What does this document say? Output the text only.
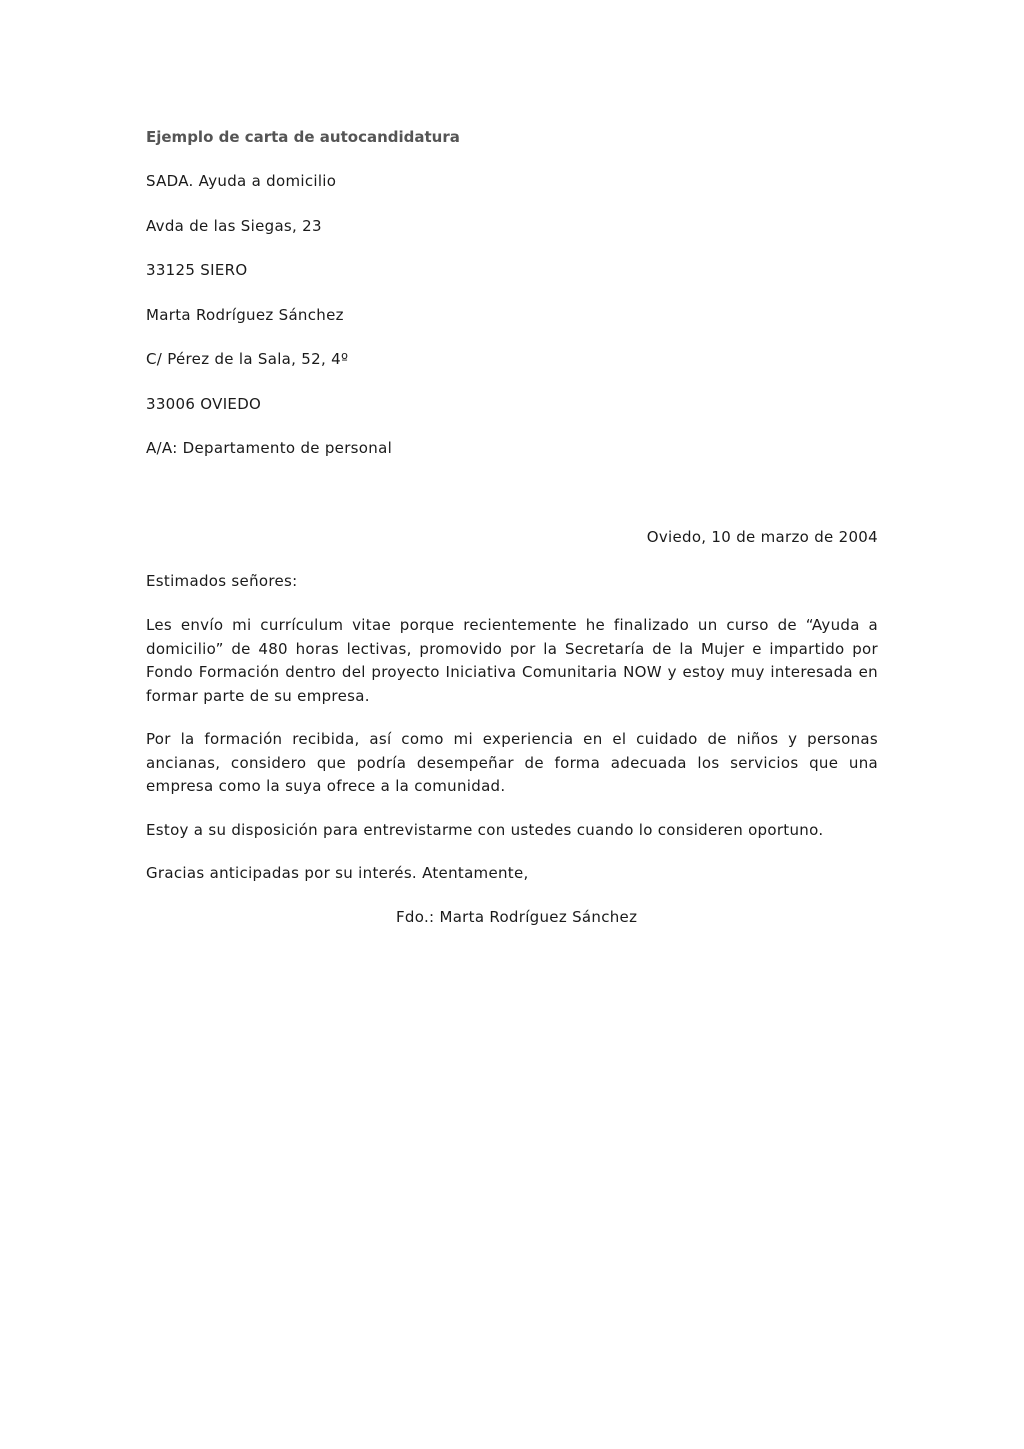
Ejemplo de carta de autocandidatura
SADA. Ayuda a domicilio
Avda de las Siegas, 23
33125 SIERO
Marta Rodríguez Sánchez
C/ Pérez de la Sala, 52, 4º
33006 OVIEDO
A/A: Departamento de personal
Oviedo, 10 de marzo de 2004
Estimados señores:

Les envío mi currículum vitae porque recientemente he finalizado un curso de “Ayuda a domicilio” de 480 horas lectivas, promovido por la Secretaría de la Mujer e impartido por Fondo Formación dentro del proyecto Iniciativa Comunitaria NOW y estoy muy interesada en formar parte de su empresa.

Por la formación recibida, así como mi experiencia en el cuidado de niños y personas ancianas, considero que podría desempeñar de forma adecuada los servicios que una empresa como la suya ofrece a la comunidad.

Estoy a su disposición para entrevistarme con ustedes cuando lo consideren oportuno.

Gracias anticipadas por su interés. Atentamente,

Fdo.: Marta Rodríguez Sánchez
